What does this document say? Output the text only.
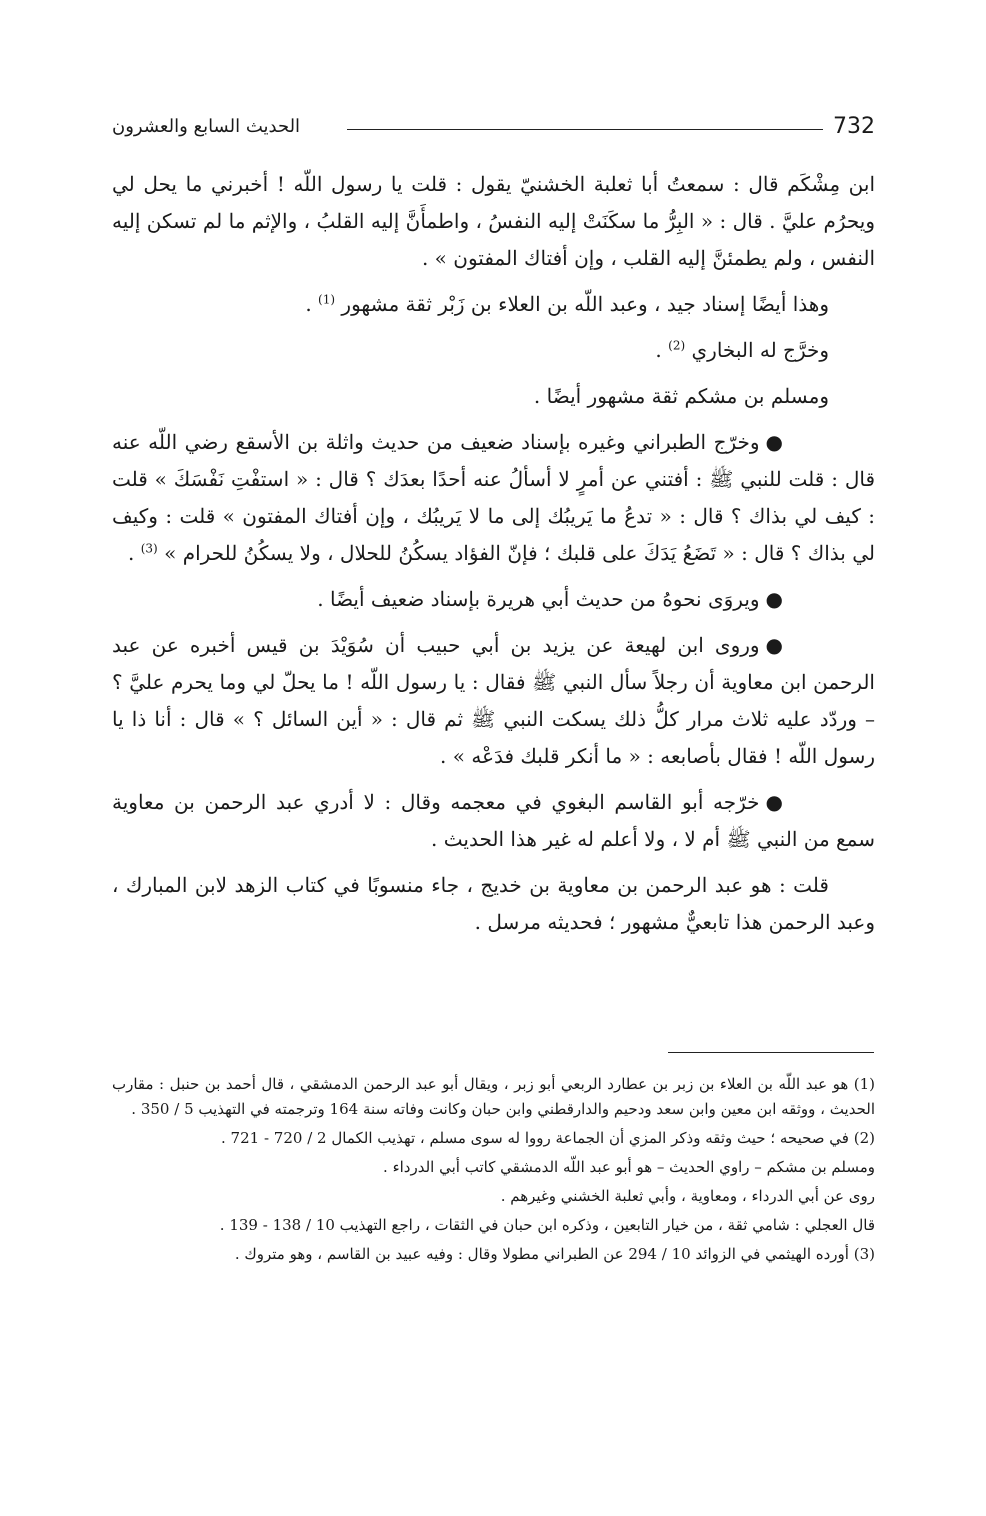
732
الحديث السابع والعشرون

ابن مِشْكَم قال : سمعتُ أبا ثعلبة الخشنيّ يقول : قلت يا رسول اللّه ! أخبرني ما يحل لي ويحرُم عليَّ . قال : « البِرُّ ما سكَنَتْ إليه النفسُ ، واطمأَنَّ إليه القلبُ ، والإثم ما لم تسكن إليه النفس ، ولم يطمئنَّ إليه القلب ، وإن أفتاك المفتون » .

وهذا أيضًا إسناد جيد ، وعبد اللّه بن العلاء بن زَبْر ثقة مشهور $^{(1)}$ .

وخرَّج له البخاري $^{(2)}$ .

ومسلم بن مشكم ثقة مشهور أيضًا .

●وخرّج الطبراني وغيره بإسناد ضعيف من حديث واثلة بن الأسقع رضي اللّه عنه قال : قلت للنبي ﷺ : أفتني عن أمرٍ لا أسألُ عنه أحدًا بعدَك ؟ قال : « استفْتِ نَفْسَكَ » قلت : كيف لي بذاك ؟ قال : « تدعُ ما يَريبُك إلى ما لا يَريبُك ، وإن أفتاك المفتون » قلت : وكيف لي بذاك ؟ قال : « تَضَعُ يَدَكَ على قلبك ؛ فإنّ الفؤاد يسكُنُ للحلال ، ولا يسكُنُ للحرام » $^{(3)}$ .

●ويروَى نحوهُ من حديث أبي هريرة بإسناد ضعيف أيضًا .

●وروى ابن لهيعة عن يزيد بن أبي حبيب أن سُوَيْدَ بن قيس أخبره عن عبد الرحمن ابن معاوية أن رجلاً سأل النبي ﷺ فقال : يا رسول اللّه ! ما يحلّ لي وما يحرم عليَّ ؟ – وردّد عليه ثلاث مرار كلُّ ذلك يسكت النبي ﷺ ثم قال : « أين السائل ؟ » قال : أنا ذا يا رسول اللّه ! فقال بأصابعه : « ما أنكر قلبك فدَعْه » .

●خرّجه أبو القاسم البغوي في معجمه وقال : لا أدري عبد الرحمن بن معاوية سمع من النبي ﷺ أم لا ، ولا أعلم له غير هذا الحديث .

قلت : هو عبد الرحمن بن معاوية بن خديج ، جاء منسوبًا في كتاب الزهد لابن المبارك ، وعبد الرحمن هذا تابعيٌّ مشهور ؛ فحديثه مرسل .

(1) هو عبد اللّه بن العلاء بن زبر بن عطارد الربعي أبو زبر ، ويقال أبو عبد الرحمن الدمشقي ، قال أحمد بن حنبل : مقارب الحديث ، ووثقه ابن معين وابن سعد ودحيم والدارقطني وابن حبان وكانت وفاته سنة 164 وترجمته في التهذيب 5 / 350 .

(2) في صحيحه ؛ حيث وثقه وذكر المزي أن الجماعة رووا له سوى مسلم ، تهذيب الكمال 2 / 720 - 721 .

ومسلم بن مشكم – راوي الحديث – هو أبو عبد اللّه الدمشقي كاتب أبي الدرداء .

روى عن أبي الدرداء ، ومعاوية ، وأبي ثعلبة الخشني وغيرهم .

قال العجلي : شامي ثقة ، من خيار التابعين ، وذكره ابن حبان في الثقات ، راجع التهذيب 10 / 138 - 139 .

(3) أورده الهيثمي في الزوائد 10 / 294 عن الطبراني مطولا وقال : وفيه عبيد بن القاسم ، وهو متروك .
